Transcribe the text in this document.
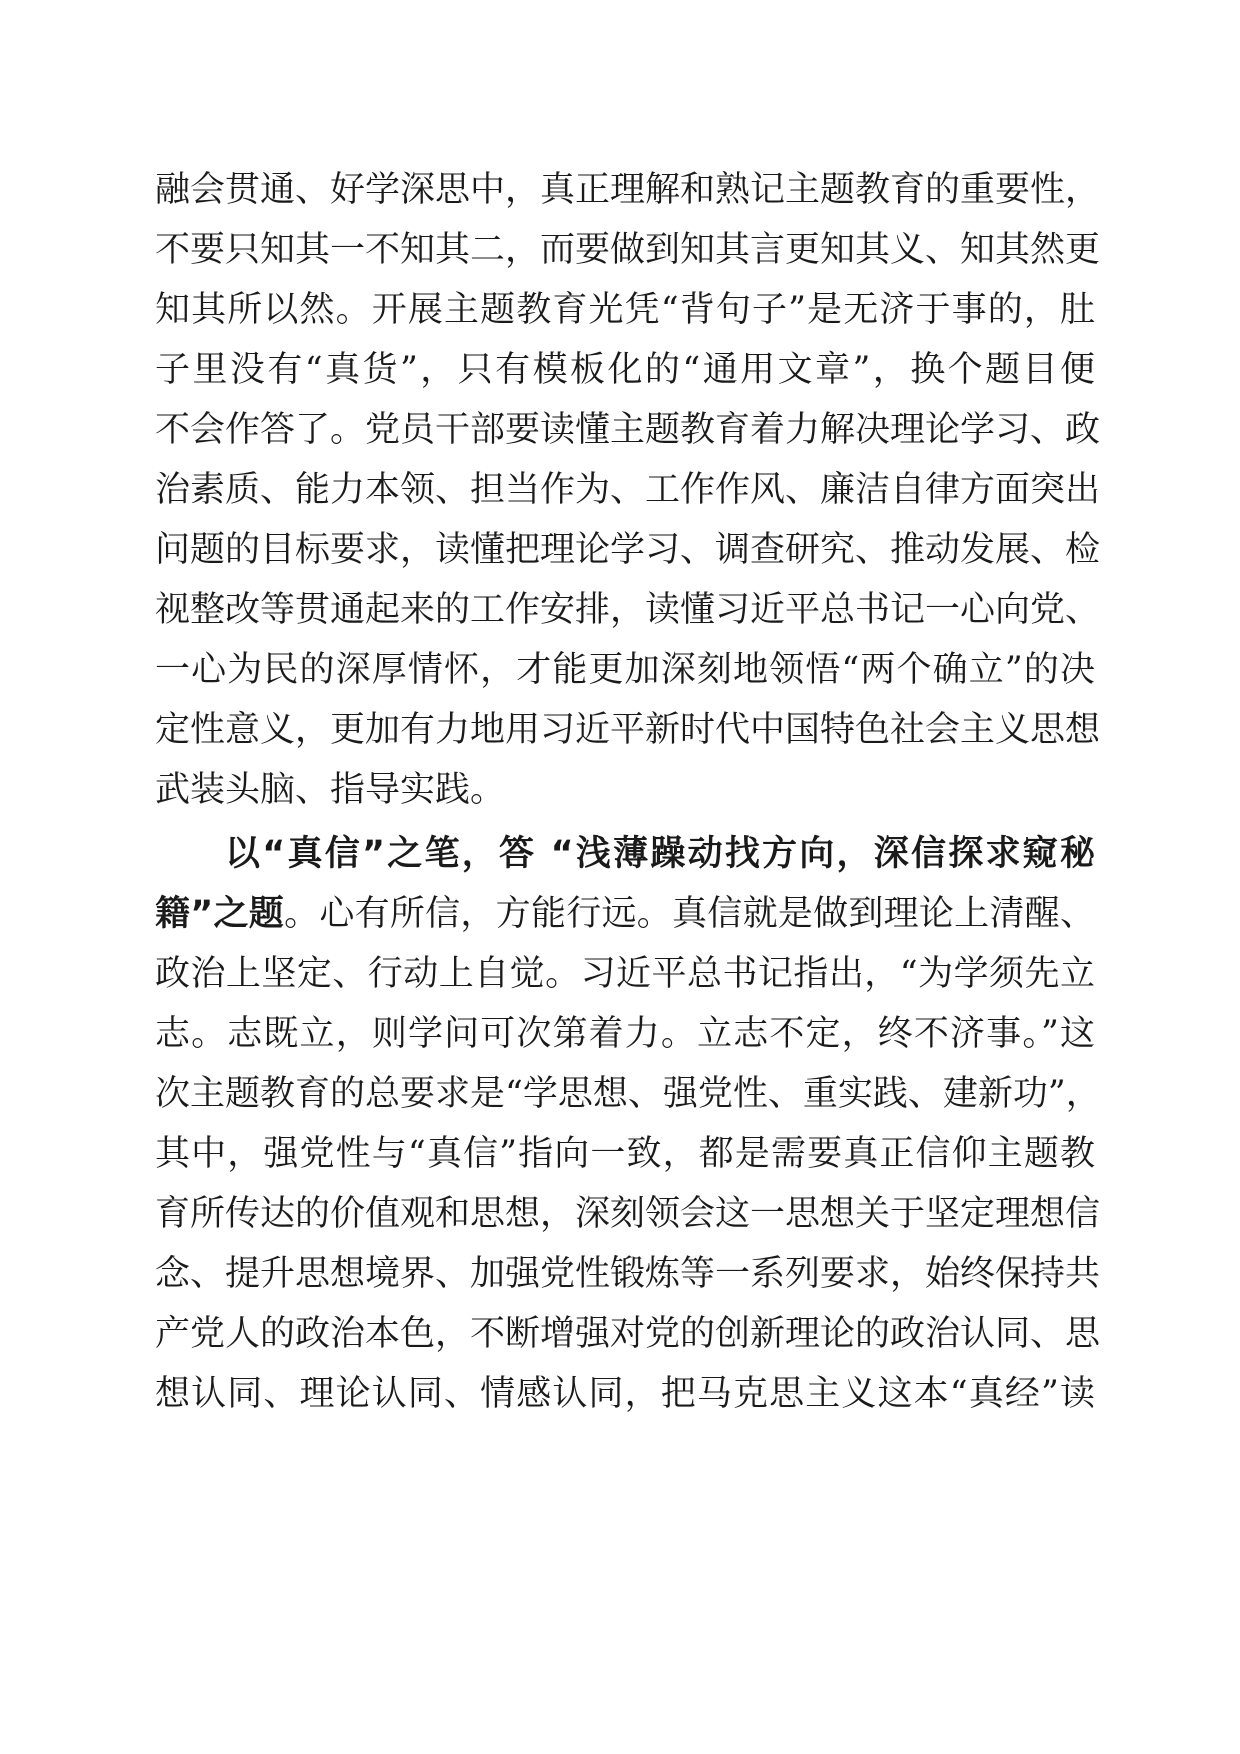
融会贯通、好学深思中，真正理解和熟记主题教育的重要性，
不要只知其一不知其二，而要做到知其言更知其义、知其然更
知其所以然。开展主题教育光凭“背句子”是无济于事的，肚
子里没有“真货”，只有模板化的“通用文章”，换个题目便
不会作答了。党员干部要读懂主题教育着力解决理论学习、政
治素质、能力本领、担当作为、工作作风、廉洁自律方面突出
问题的目标要求，读懂把理论学习、调查研究、推动发展、检
视整改等贯通起来的工作安排，读懂习近平总书记一心向党、
一心为民的深厚情怀，才能更加深刻地领悟“两个确立”的决
定性意义，更加有力地用习近平新时代中国特色社会主义思想
武装头脑、指导实践。
以“真信”之笔，答 “浅薄躁动找方向，深信探求窥秘
籍”之题。心有所信，方能行远。真信就是做到理论上清醒、
政治上坚定、行动上自觉。习近平总书记指出，“为学须先立
志。志既立，则学问可次第着力。立志不定，终不济事。”这
次主题教育的总要求是“学思想、强党性、重实践、建新功”，
其中，强党性与“真信”指向一致，都是需要真正信仰主题教
育所传达的价值观和思想，深刻领会这一思想关于坚定理想信
念、提升思想境界、加强党性锻炼等一系列要求，始终保持共
产党人的政治本色，不断增强对党的创新理论的政治认同、思
想认同、理论认同、情感认同，把马克思主义这本“真经”读
